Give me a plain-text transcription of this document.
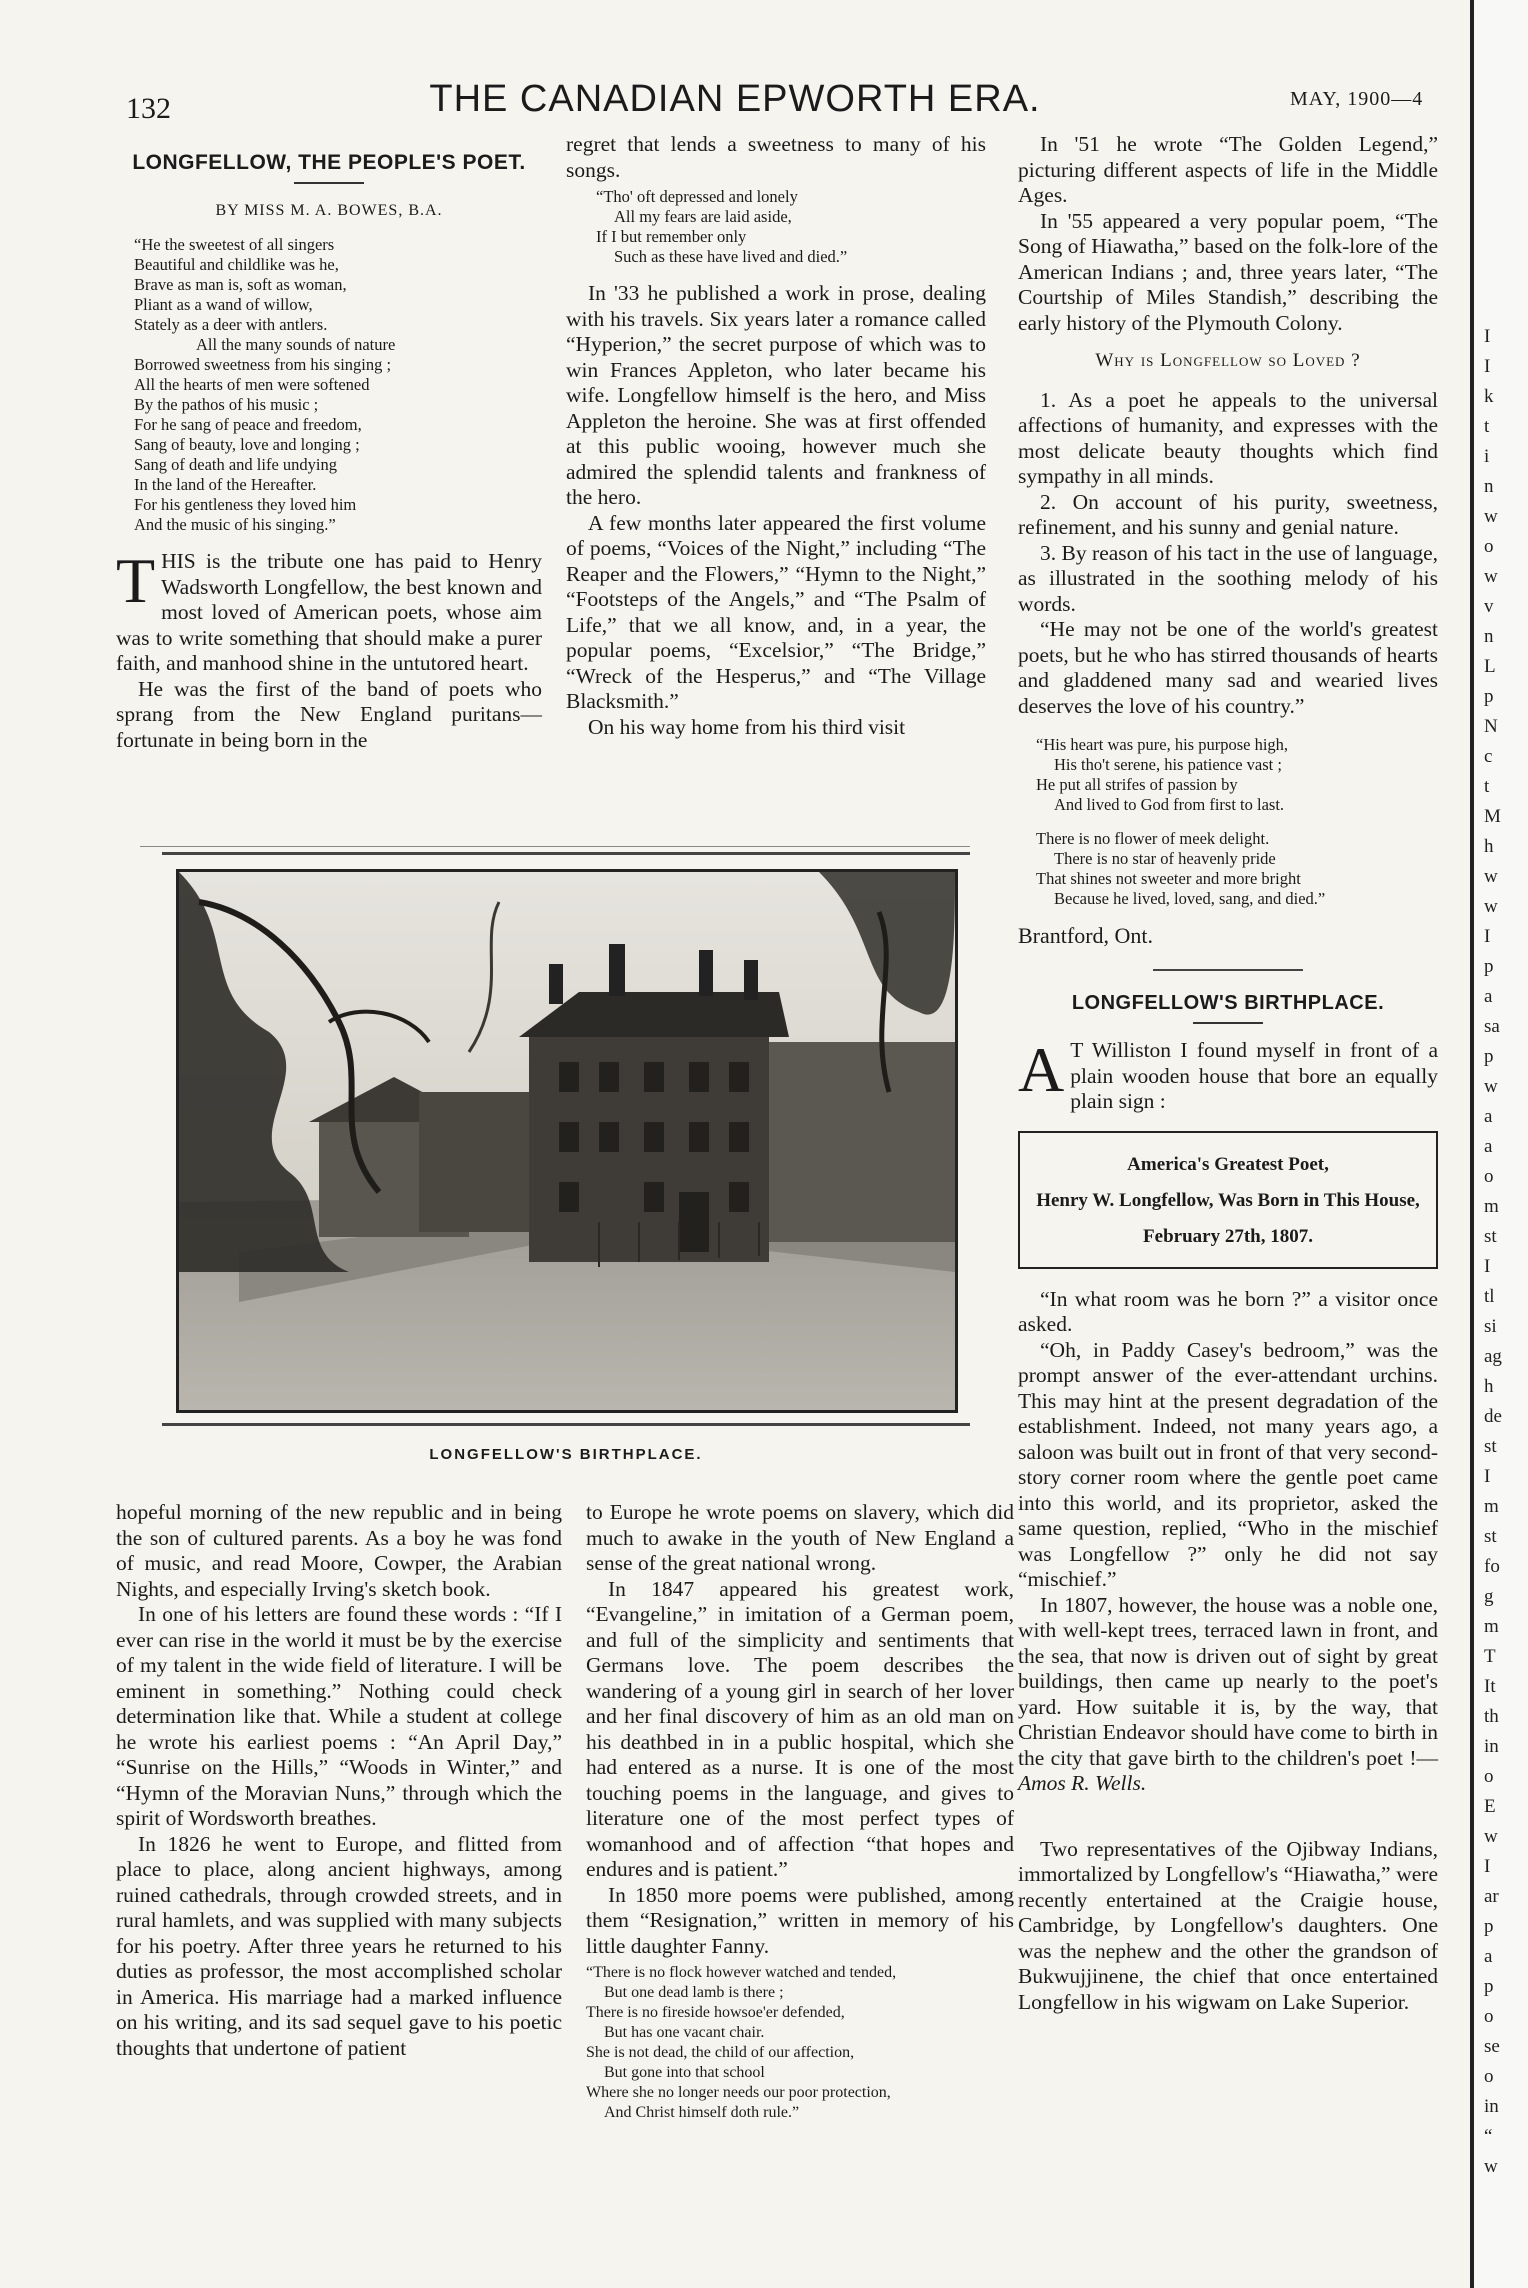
132	THE CANADIAN EPWORTH ERA.	MAY, 1900—4
LONGFELLOW, THE PEOPLE'S POET.
BY MISS M. A. BOWES, B.A.
“He the sweetest of all singers
Beautiful and childlike was he,
Brave as man is, soft as woman,
Pliant as a wand of willow,
Stately as a deer with antlers.
All the many sounds of nature
Borrowed sweetness from his singing ;
All the hearts of men were softened
By the pathos of his music ;
For he sang of peace and freedom,
Sang of beauty, love and longing ;
Sang of death and life undying
In the land of the Hereafter.
For his gentleness they loved him
And the music of his singing.”

THIS is the tribute one has paid to Henry Wadsworth Longfellow, the best known and most loved of American poets, whose aim was to write something that should make a purer faith, and manhood shine in the untutored heart.

He was the first of the band of poets who sprang from the New England puritans—fortunate in being born in the

regret that lends a sweetness to many of his songs.

“Tho' oft depressed and lonely
All my fears are laid aside,
If I but remember only
Such as these have lived and died.”

In '33 he published a work in prose, dealing with his travels. Six years later a romance called “Hyperion,” the secret purpose of which was to win Frances Appleton, who later became his wife. Longfellow himself is the hero, and Miss Appleton the heroine. She was at first offended at this public wooing, however much she admired the splendid talents and frankness of the hero.

A few months later appeared the first volume of poems, “Voices of the Night,” including “The Reaper and the Flowers,” “Hymn to the Night,” “Footsteps of the Angels,” and “The Psalm of Life,” that we all know, and, in a year, the popular poems, “Excelsior,” “The Bridge,” “Wreck of the Hesperus,” and “The Village Blacksmith.”

On his way home from his third visit

In '51 he wrote “The Golden Legend,” picturing different aspects of life in the Middle Ages.

In '55 appeared a very popular poem, “The Song of Hiawatha,” based on the folk-lore of the American Indians ; and, three years later, “The Courtship of Miles Standish,” describing the early history of the Plymouth Colony.

Why is Longfellow so Loved ?

1. As a poet he appeals to the universal affections of humanity, and expresses with the most delicate beauty thoughts which find sympathy in all minds.

2. On account of his purity, sweetness, refinement, and his sunny and genial nature.

3. By reason of his tact in the use of language, as illustrated in the soothing melody of his words.

“He may not be one of the world's greatest poets, but he who has stirred thousands of hearts and gladdened many sad and wearied lives deserves the love of his country.”

“His heart was pure, his purpose high,
His tho't serene, his patience vast ;
He put all strifes of passion by
And lived to God from first to last.
There is no flower of meek delight.
There is no star of heavenly pride
That shines not sweeter and more bright
Because he lived, loved, sang, and died.”
Brantford, Ont.
LONGFELLOW'S BIRTHPLACE.

A T Williston I found myself in front of a plain wooden house that bore an equally plain sign :

America's Greatest Poet,
Henry W. Longfellow, Was Born in This House,
February 27th, 1807.

“In what room was he born ?” a visitor once asked.

“Oh, in Paddy Casey's bedroom,” was the prompt answer of the ever-attendant urchins. This may hint at the present degradation of the establishment. Indeed, not many years ago, a saloon was built out in front of that very second-story corner room where the gentle poet came into this world, and its proprietor, asked the same question, replied, “Who in the mischief was Longfellow ?” only he did not say “mischief.”

In 1807, however, the house was a noble one, with well-kept trees, terraced lawn in front, and the sea, that now is driven out of sight by great buildings, then came up nearly to the poet's yard. How suitable it is, by the way, that Christian Endeavor should have come to birth in the city that gave birth to the children's poet !—Amos R. Wells.

Two representatives of the Ojibway Indians, immortalized by Longfellow's “Hiawatha,” were recently entertained at the Craigie house, Cambridge, by Longfellow's daughters. One was the nephew and the other the grandson of Bukwujjinene, the chief that once entertained Longfellow in his wigwam on Lake Superior.

LONGFELLOW'S BIRTHPLACE.

hopeful morning of the new republic and in being the son of cultured parents. As a boy he was fond of music, and read Moore, Cowper, the Arabian Nights, and especially Irving's sketch book.

In one of his letters are found these words : “If I ever can rise in the world it must be by the exercise of my talent in the wide field of literature. I will be eminent in something.” Nothing could check determination like that. While a student at college he wrote his earliest poems : “An April Day,” “Sunrise on the Hills,” “Woods in Winter,” and “Hymn of the Moravian Nuns,” through which the spirit of Wordsworth breathes.

In 1826 he went to Europe, and flitted from place to place, along ancient highways, among ruined cathedrals, through crowded streets, and in rural hamlets, and was supplied with many subjects for his poetry. After three years he returned to his duties as professor, the most accomplished scholar in America. His marriage had a marked influence on his writing, and its sad sequel gave to his poetic thoughts that undertone of patient

to Europe he wrote poems on slavery, which did much to awake in the youth of New England a sense of the great national wrong.

In 1847 appeared his greatest work, “Evangeline,” in imitation of a German poem, and full of the simplicity and sentiments that Germans love. The poem describes the wandering of a young girl in search of her lover and her final discovery of him as an old man on his deathbed in in a public hospital, which she had entered as a nurse. It is one of the most touching poems in the language, and gives to literature one of the most perfect types of womanhood and of affection “that hopes and endures and is patient.”

In 1850 more poems were published, among them “Resignation,” written in memory of his little daughter Fanny.

“There is no flock however watched and tended,
But one dead lamb is there ;
There is no fireside howsoe'er defended,
But has one vacant chair.
She is not dead, the child of our affection,
But gone into that school
Where she no longer needs our poor protection,
And Christ himself doth rule.”
I
I
k
t
i
n
w
o
w
v
n
L
p
N
c
t
M
h
w
w
I
p
a
sa
p
w
a
a
o
m
st
I
tl
si
ag
h
de
st
I
m
st
fo
g
m
T
It
th
in
o
E
w
I
ar
p
a
p
o
se
o
in
“
w
